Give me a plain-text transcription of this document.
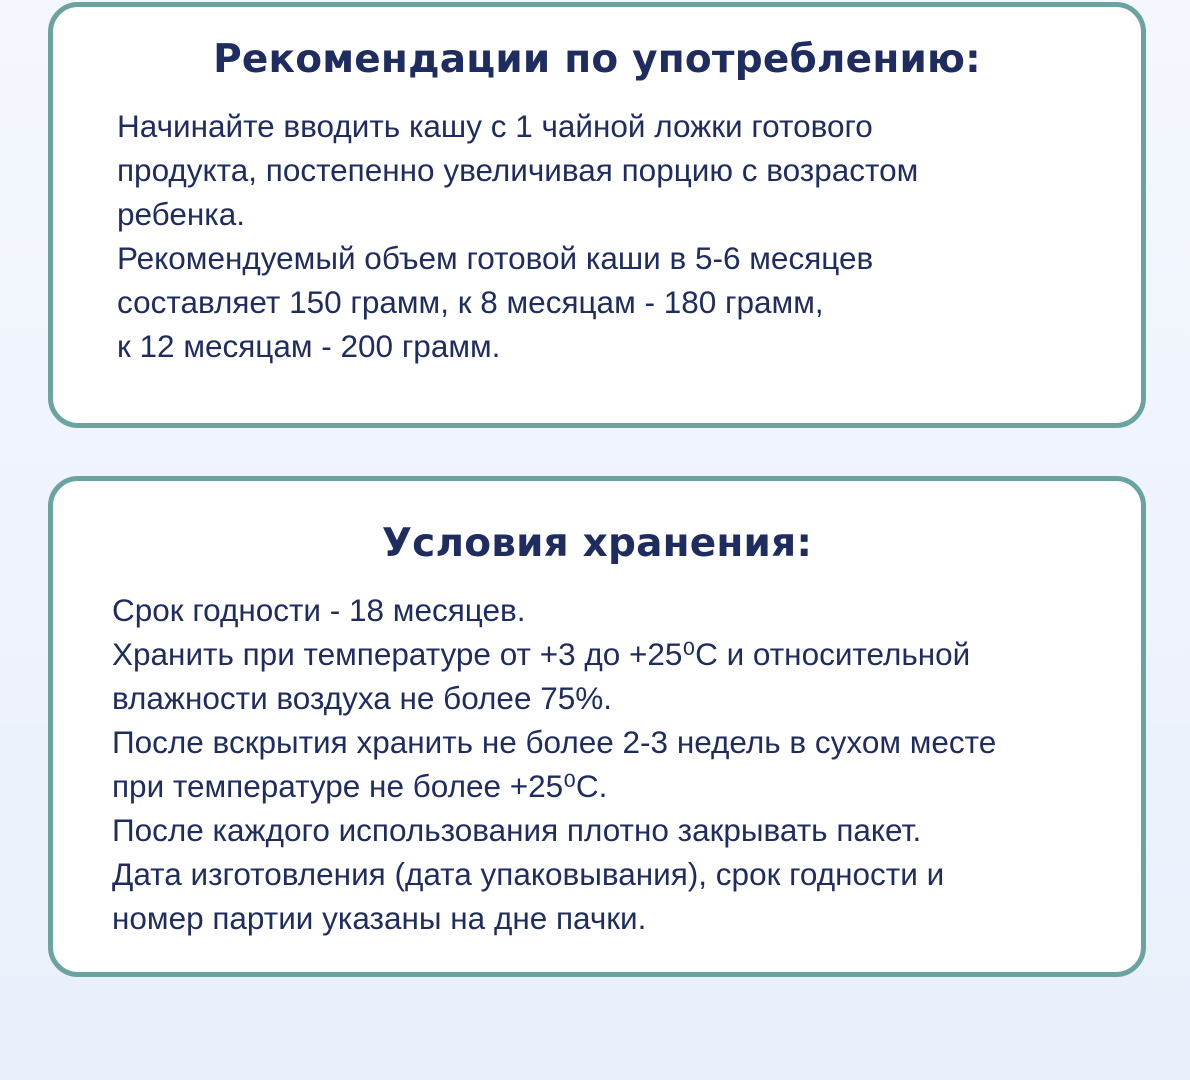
Рекомендации по употреблению:

Начинайте вводить кашу с 1 чайной ложки готового
продукта, постепенно увеличивая порцию с возрастом
ребенка.
Рекомендуемый объем готовой каши в 5-6 месяцев
составляет 150 грамм, к 8 месяцам - 180 грамм,
к 12 месяцам - 200 грамм.

Условия хранения:

Срок годности - 18 месяцев.
Хранить при температуре от +3 до +25⁰С и относительной
влажности воздуха не более 75%.
После вскрытия хранить не более 2-3 недель в сухом месте
при температуре не более +25⁰С.
После каждого использования плотно закрывать пакет.
Дата изготовления (дата упаковывания), срок годности и
номер партии указаны на дне пачки.
